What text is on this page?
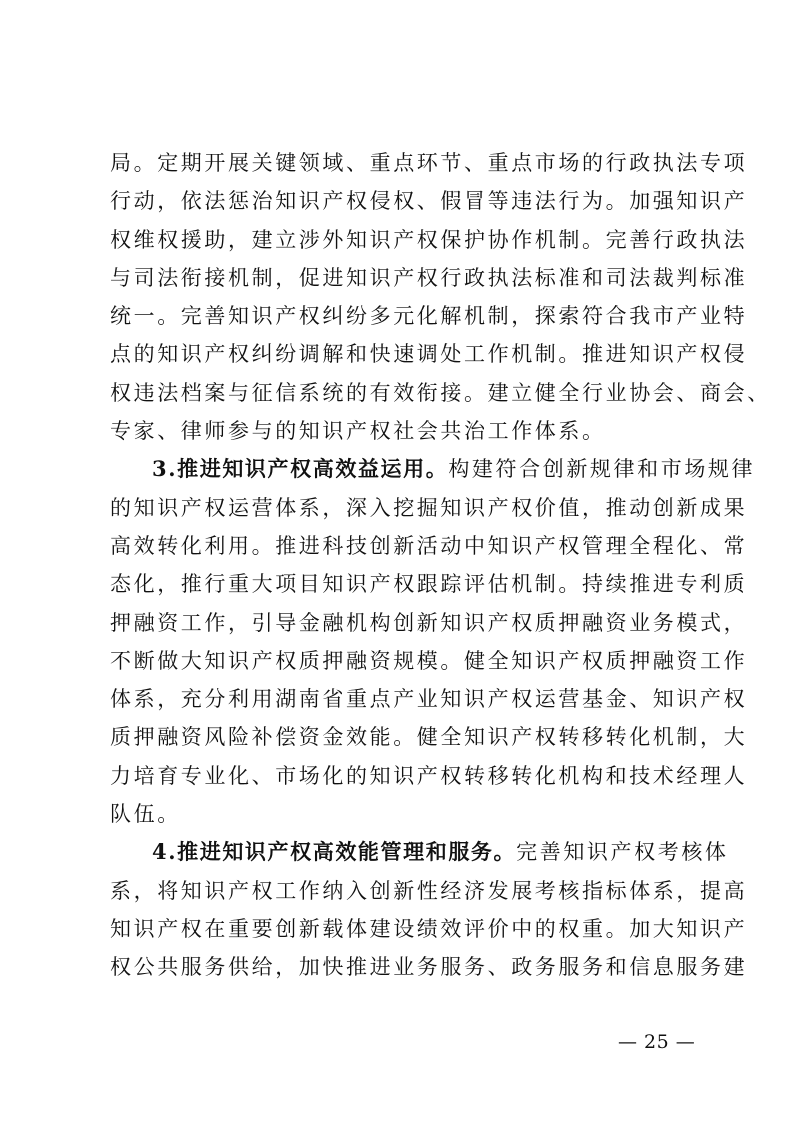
局。定期开展关键领域、重点环节、重点市场的行政执法专项
行动，依法惩治知识产权侵权、假冒等违法行为。加强知识产
权维权援助，建立涉外知识产权保护协作机制。完善行政执法
与司法衔接机制，促进知识产权行政执法标准和司法裁判标准
统一。完善知识产权纠纷多元化解机制，探索符合我市产业特
点的知识产权纠纷调解和快速调处工作机制。推进知识产权侵
权违法档案与征信系统的有效衔接。建立健全行业协会、商会、
专家、律师参与的知识产权社会共治工作体系。
3.推进知识产权高效益运用。构建符合创新规律和市场规律
的知识产权运营体系，深入挖掘知识产权价值，推动创新成果
高效转化利用。推进科技创新活动中知识产权管理全程化、常
态化，推行重大项目知识产权跟踪评估机制。持续推进专利质
押融资工作，引导金融机构创新知识产权质押融资业务模式，
不断做大知识产权质押融资规模。健全知识产权质押融资工作
体系，充分利用湖南省重点产业知识产权运营基金、知识产权
质押融资风险补偿资金效能。健全知识产权转移转化机制，大
力培育专业化、市场化的知识产权转移转化机构和技术经理人
队伍。
4.推进知识产权高效能管理和服务。完善知识产权考核体
系，将知识产权工作纳入创新性经济发展考核指标体系，提高
知识产权在重要创新载体建设绩效评价中的权重。加大知识产
权公共服务供给，加快推进业务服务、政务服务和信息服务建
— 25 —
